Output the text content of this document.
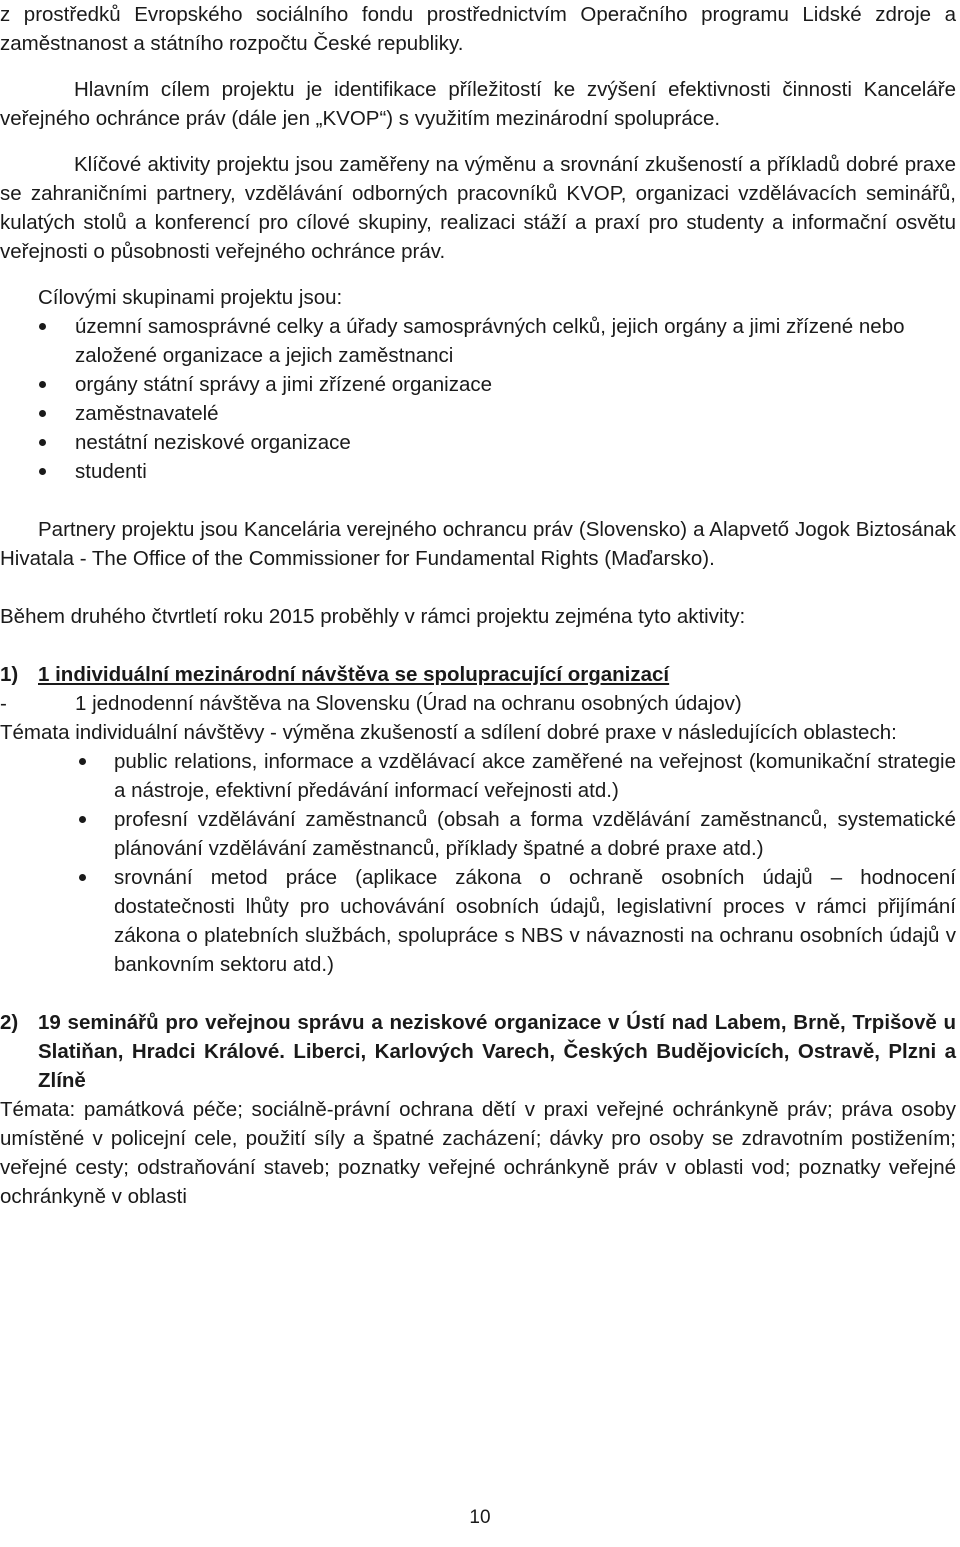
z prostředků Evropského sociálního fondu prostřednictvím Operačního programu Lidské zdroje a zaměstnanost a státního rozpočtu České republiky.

Hlavním cílem projektu je identifikace příležitostí ke zvýšení efektivnosti činnosti Kanceláře veřejného ochránce práv (dále jen „KVOP“) s využitím mezinárodní spolupráce.

Klíčové aktivity projektu jsou zaměřeny na výměnu a srovnání zkušeností a příkladů dobré praxe se zahraničními partnery, vzdělávání odborných pracovníků KVOP, organizaci vzdělávacích seminářů, kulatých stolů a konferencí pro cílové skupiny, realizaci stáží a praxí pro studenty a informační osvětu veřejnosti o působnosti veřejného ochránce práv.

Cílovými skupinami projektu jsou:

územní samosprávné celky a úřady samosprávných celků, jejich orgány a jimi zřízené nebo založené organizace a jejich zaměstnanci
orgány státní správy a jimi zřízené organizace
zaměstnavatelé
nestátní neziskové organizace
studenti

Partnery projektu jsou Kancelária verejného ochrancu práv (Slovensko) a Alapvető Jogok Biztosának Hivatala - The Office of the Commissioner for Fundamental Rights (Maďarsko).

Během druhého čtvrtletí roku 2015 proběhly v rámci projektu zejména tyto aktivity:

1) 1 individuální mezinárodní návštěva se spolupracující organizací
-	1 jednodenní návštěva na Slovensku (Úrad na ochranu osobných údajov)

Témata individuální návštěvy - výměna zkušeností a sdílení dobré praxe v následujících oblastech:

public relations, informace a vzdělávací akce zaměřené na veřejnost (komunikační strategie a nástroje, efektivní předávání informací veřejnosti atd.)
profesní vzdělávání zaměstnanců (obsah a forma vzdělávání zaměstnanců, systematické plánování vzdělávání zaměstnanců, příklady špatné a dobré praxe atd.)
srovnání metod práce (aplikace zákona o ochraně osobních údajů – hodnocení dostatečnosti lhůty pro uchovávání osobních údajů, legislativní proces v rámci přijímání zákona o platebních službách, spolupráce s NBS v návaznosti na ochranu osobních údajů v bankovním sektoru atd.)
2) 19 seminářů pro veřejnou správu a neziskové organizace v Ústí nad Labem, Brně, Trpišově u Slatiňan, Hradci Králové. Liberci, Karlových Varech, Českých Budějovicích, Ostravě, Plzni a Zlíně

Témata: památková péče; sociálně-právní ochrana dětí v praxi veřejné ochránkyně práv; práva osoby umístěné v policejní cele, použití síly a špatné zacházení; dávky pro osoby se zdravotním postižením; veřejné cesty; odstraňování staveb; poznatky veřejné ochránkyně práv v oblasti vod; poznatky veřejné ochránkyně v oblasti

10
